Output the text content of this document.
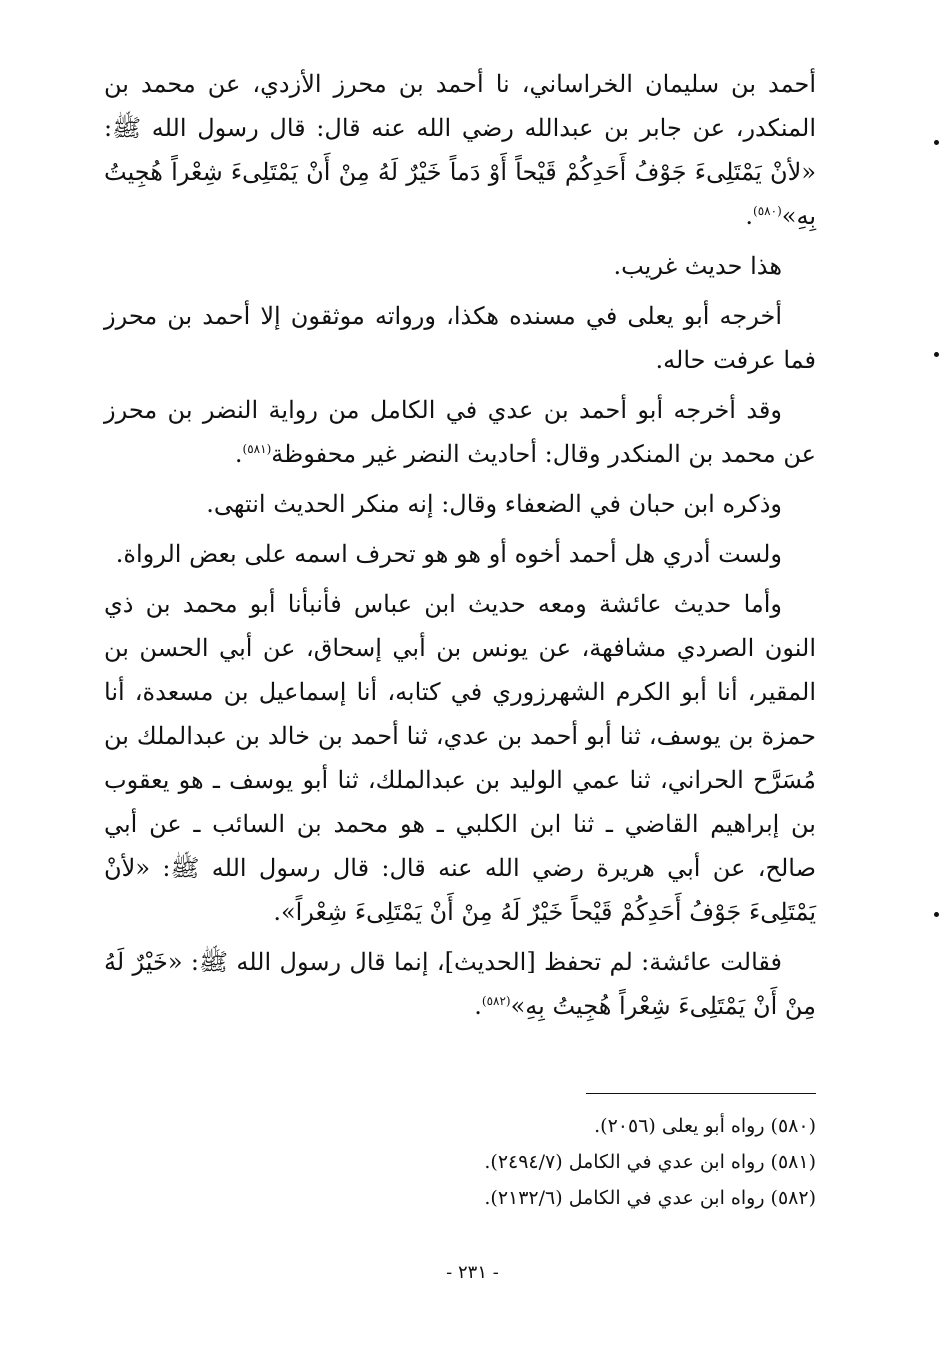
أحمد بن سليمان الخراساني، نا أحمد بن محرز الأزدي، عن محمد بن المنكدر، عن جابر بن عبدالله رضي الله عنه قال: قال رسول الله ﷺ: «لأنْ يَمْتَلِىءَ جَوْفُ أَحَدِكُمْ قَيْحاً أَوْ دَماً خَيْرٌ لَهُ مِنْ أَنْ يَمْتَلِىءَ شِعْراً هُجِيتُ بِهِ»$^{(٥٨٠)}$.

هذا حديث غريب.

أخرجه أبو يعلى في مسنده هكذا، ورواته موثقون إلا أحمد بن محرز فما عرفت حاله.

وقد أخرجه أبو أحمد بن عدي في الكامل من رواية النضر بن محرز عن محمد بن المنكدر وقال: أحاديث النضر غير محفوظة$^{(٥٨١)}$.

وذكره ابن حبان في الضعفاء وقال: إنه منكر الحديث انتهى.

ولست أدري هل أحمد أخوه أو هو هو تحرف اسمه على بعض الرواة.

وأما حديث عائشة ومعه حديث ابن عباس فأنبأنا أبو محمد بن ذي النون الصردي مشافهة، عن يونس بن أبي إسحاق، عن أبي الحسن بن المقير، أنا أبو الكرم الشهرزوري في كتابه، أنا إسماعيل بن مسعدة، أنا حمزة بن يوسف، ثنا أبو أحمد بن عدي، ثنا أحمد بن خالد بن عبدالملك بن مُسَرَّح الحراني، ثنا عمي الوليد بن عبدالملك، ثنا أبو يوسف ـ هو يعقوب بن إبراهيم القاضي ـ ثنا ابن الكلبي ـ هو محمد بن السائب ـ عن أبي صالح، عن أبي هريرة رضي الله عنه قال: قال رسول الله ﷺ: «لأنْ يَمْتَلِىءَ جَوْفُ أَحَدِكُمْ قَيْحاً خَيْرٌ لَهُ مِنْ أَنْ يَمْتَلِىءَ شِعْراً».

فقالت عائشة: لم تحفظ [الحديث]، إنما قال رسول الله ﷺ: «خَيْرٌ لَهُ مِنْ أَنْ يَمْتَلِىءَ شِعْراً هُجِيتُ بِهِ»$^{(٥٨٢)}$.

(٥٨٠) رواه أبو يعلى (٢٠٥٦).

(٥٨١) رواه ابن عدي في الكامل (٢٤٩٤/٧).

(٥٨٢) رواه ابن عدي في الكامل (٢١٣٢/٦).

- ٢٣١ -
